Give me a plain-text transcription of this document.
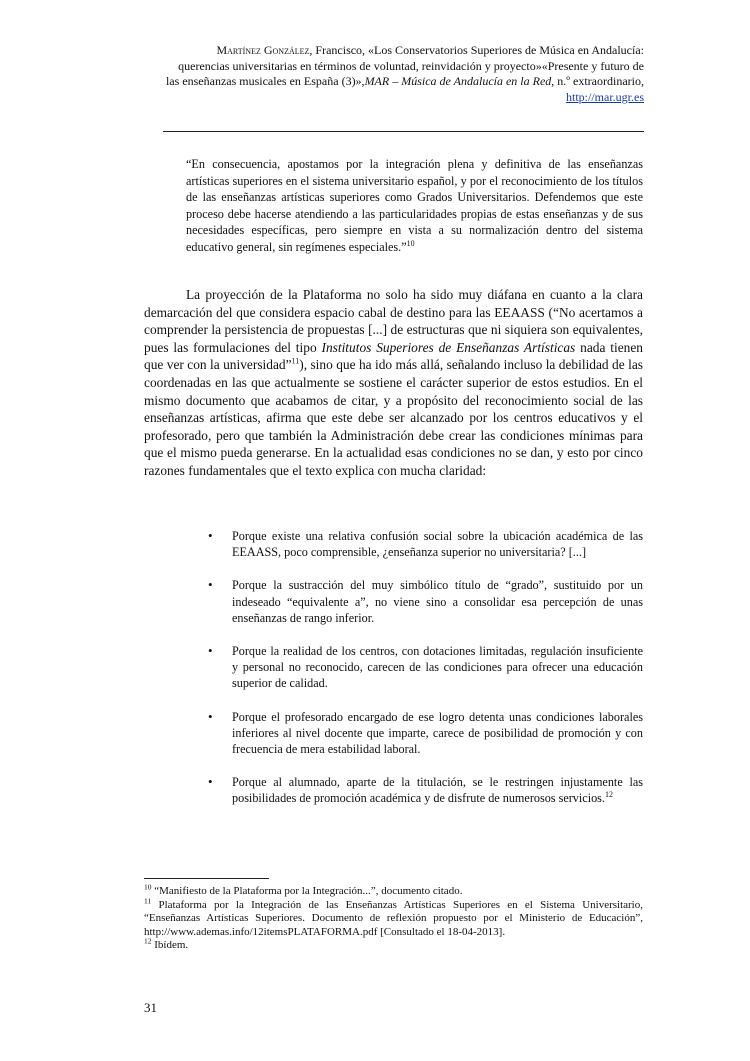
Martínez González, Francisco, «Los Conservatorios Superiores de Música en Andalucía:
querencias universitarias en términos de voluntad, reinvidación y proyecto»«Presente y futuro de
las enseñanzas musicales en España (3)»,MAR – Música de Andalucía en la Red, n.º extraordinario,
http://mar.ugr.es
“En consecuencia, apostamos por la integración plena y definitiva de las enseñanzas artísticas superiores en el sistema universitario español, y por el reconocimiento de los títulos de las enseñanzas artísticas superiores como Grados Universitarios. Defendemos que este proceso debe hacerse atendiendo a las particularidades propias de estas enseñanzas y de sus necesidades específicas, pero siempre en vista a su normalización dentro del sistema educativo general, sin regímenes especiales.”$^{10}$
La proyección de la Plataforma no solo ha sido muy diáfana en cuanto a la clara demarcación del que considera espacio cabal de destino para las EEAASS (“No acertamos a comprender la persistencia de propuestas [...] de estructuras que ni siquiera son equivalentes, pues las formulaciones del tipo Institutos Superiores de Enseñanzas Artísticas nada tienen que ver con la universidad”$^{11}$), sino que ha ido más allá, señalando incluso la debilidad de las coordenadas en las que actualmente se sostiene el carácter superior de estos estudios. En el mismo documento que acabamos de citar, y a propósito del reconocimiento social de las enseñanzas artísticas, afirma que este debe ser alcanzado por los centros educativos y el profesorado, pero que también la Administración debe crear las condiciones mínimas para que el mismo pueda generarse. En la actualidad esas condiciones no se dan, y esto por cinco razones fundamentales que el texto explica con mucha claridad:
• Porque existe una relativa confusión social sobre la ubicación académica de las EEAASS, poco comprensible, ¿enseñanza superior no universitaria? [...]
• Porque la sustracción del muy simbólico título de “grado”, sustituido por un indeseado “equivalente a”, no viene sino a consolidar esa percepción de unas enseñanzas de rango inferior.
• Porque la realidad de los centros, con dotaciones limitadas, regulación insuficiente y personal no reconocido, carecen de las condiciones para ofrecer una educación superior de calidad.
• Porque el profesorado encargado de ese logro detenta unas condiciones laborales inferiores al nivel docente que imparte, carece de posibilidad de promoción y con frecuencia de mera estabilidad laboral.
• Porque al alumnado, aparte de la titulación, se le restringen injustamente las posibilidades de promoción académica y de disfrute de numerosos servicios.$^{12}$

$^{10}$ “Manifiesto de la Plataforma por la Integración...”, documento citado.

$^{11}$ Plataforma por la Integración de las Enseñanzas Artísticas Superiores en el Sistema Universitario, “Enseñanzas Artísticas Superiores. Documento de reflexión propuesto por el Ministerio de Educación”, http://www.ademas.info/12itemsPLATAFORMA.pdf [Consultado el 18-04-2013].

$^{12}$ Ibídem.

31
